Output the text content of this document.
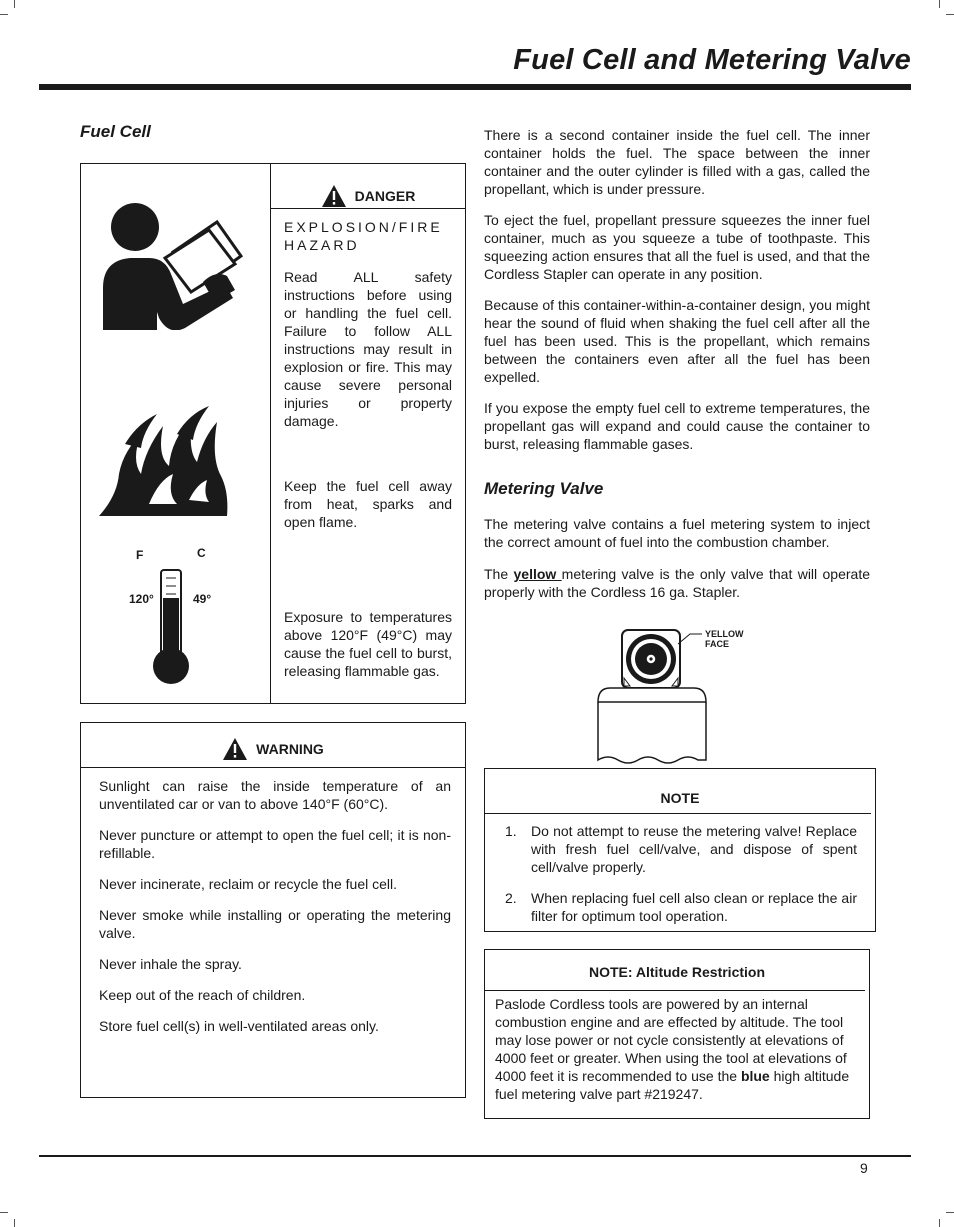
Fuel Cell and Metering Valve
Fuel Cell
F	C
120°	49°
DANGER
EXPLOSION/FIRE HAZARD
Read ALL safety instructions before using or handling the fuel cell. Failure to follow ALL instructions may result in explosion or fire. This may cause severe personal injuries or property damage.
Keep the fuel cell away from heat, sparks and open flame.
Exposure to temperatures above 120°F (49°C) may cause the fuel cell to burst, releasing flammable gas.
WARNING

Sunlight can raise the inside temperature of an unventilated car or van to above 140°F (60°C).

Never puncture or attempt to open the fuel cell; it is non-refillable.

Never incinerate, reclaim or recycle the fuel cell.

Never smoke while installing or operating the metering valve.

Never inhale the spray.

Keep out of the reach of children.

Store fuel cell(s) in well-ventilated areas only.

There is a second container inside the fuel cell. The inner container holds the fuel. The space between the inner container and the outer cylinder is filled with a gas, called the propellant, which is under pressure.

To eject the fuel, propellant pressure squeezes the inner fuel container, much as you squeeze a tube of toothpaste. This squeezing action ensures that all the fuel is used, and that the Cordless Stapler can operate in any position.

Because of this container-within-a-container design, you might hear the sound of fluid when shaking the fuel cell after all the fuel has been used. This is the propellant, which remains between the containers even after all the fuel has been expelled.

If you expose the empty fuel cell to extreme temperatures, the propellant gas will expand and could cause the container to burst, releasing flammable gases.

Metering Valve

The metering valve contains a fuel metering system to inject the correct amount of fuel into the combustion chamber.

The yellow metering valve is the only valve that will operate properly with the Cordless 16 ga. Stapler.

YELLOW
FACE
NOTE
1.	Do not attempt to reuse the metering valve! Replace with fresh fuel cell/valve, and dispose of spent cell/valve properly.
2.	When replacing fuel cell also clean or replace the air filter for optimum tool operation.
NOTE: Altitude Restriction

Paslode Cordless tools are powered by an internal combustion engine and are effected by altitude. The tool may lose power or not cycle consistently at elevations of 4000 feet or greater. When using the tool at elevations of 4000 feet it is recommended to use the blue high altitude fuel metering valve part #219247.

9
